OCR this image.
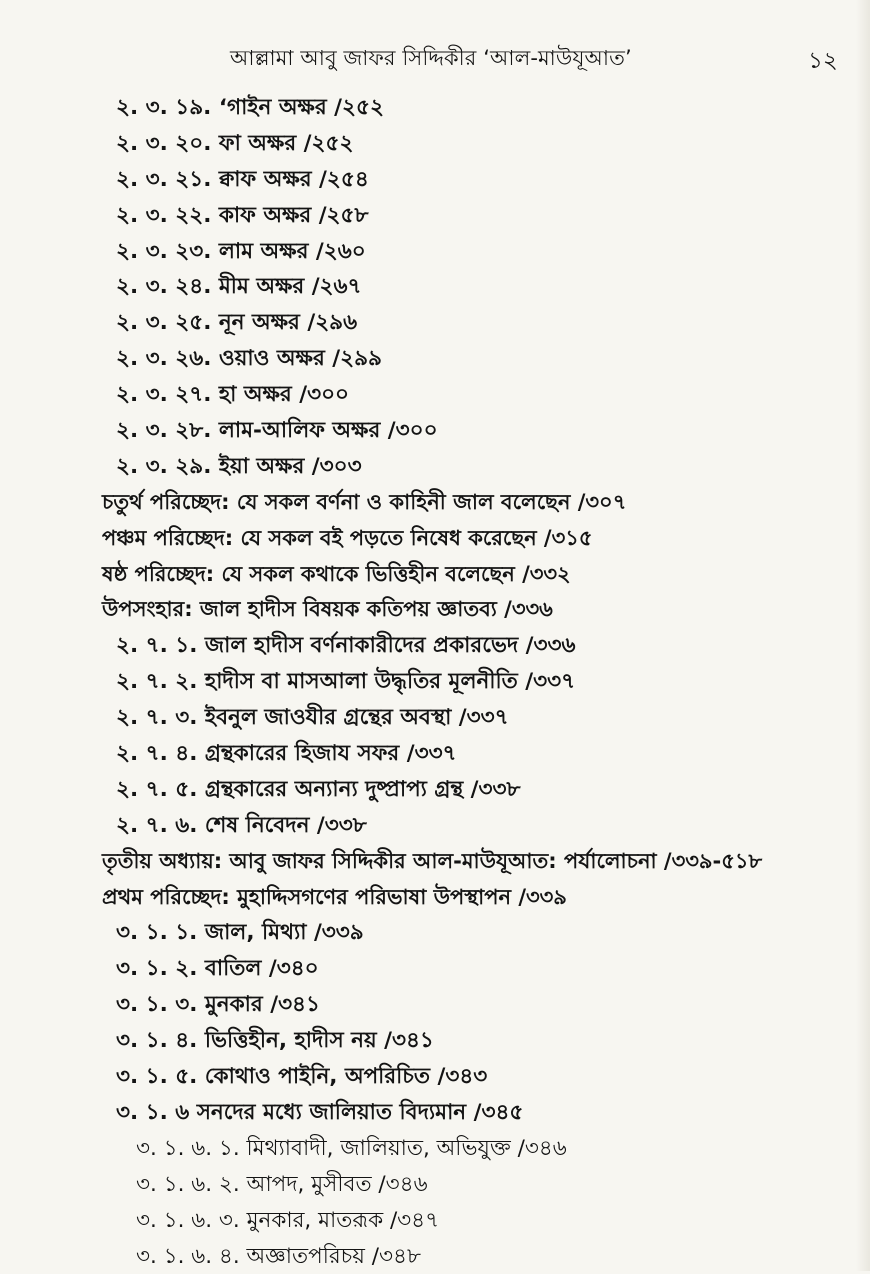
আল্লামা আবু জাফর সিদ্দিকীর ‘আল-মাউযূআত’	১২
২. ৩. ১৯. ‘গাইন অক্ষর /২৫২
২. ৩. ২০. ফা অক্ষর /২৫২
২. ৩. ২১. ক্বাফ অক্ষর /২৫৪
২. ৩. ২২. কাফ অক্ষর /২৫৮
২. ৩. ২৩. লাম অক্ষর /২৬০
২. ৩. ২৪. মীম অক্ষর /২৬৭
২. ৩. ২৫. নূন অক্ষর /২৯৬
২. ৩. ২৬. ওয়াও অক্ষর /২৯৯
২. ৩. ২৭. হা অক্ষর /৩০০
২. ৩. ২৮. লাম-আলিফ অক্ষর /৩০০
২. ৩. ২৯. ইয়া অক্ষর /৩০৩
চতুর্থ পরিচ্ছেদ: যে সকল বর্ণনা ও কাহিনী জাল বলেছেন /৩০৭
পঞ্চম পরিচ্ছেদ: যে সকল বই পড়তে নিষেধ করেছেন /৩১৫
ষষ্ঠ পরিচ্ছেদ: যে সকল কথাকে ভিত্তিহীন বলেছেন /৩৩২
উপসংহার: জাল হাদীস বিষয়ক কতিপয় জ্ঞাতব্য /৩৩৬
২. ৭. ১. জাল হাদীস বর্ণনাকারীদের প্রকারভেদ /৩৩৬
২. ৭. ২. হাদীস বা মাসআলা উদ্ধৃতির মূলনীতি /৩৩৭
২. ৭. ৩. ইবনুল জাওযীর গ্রন্থের অবস্থা /৩৩৭
২. ৭. ৪. গ্রন্থকারের হিজায সফর /৩৩৭
২. ৭. ৫. গ্রন্থকারের অন্যান্য দুষ্প্রাপ্য গ্রন্থ /৩৩৮
২. ৭. ৬. শেষ নিবেদন /৩৩৮
তৃতীয় অধ্যায়: আবু জাফর সিদ্দিকীর আল-মাউযূআত: পর্যালোচনা /৩৩৯-৫১৮
প্রথম পরিচ্ছেদ: মুহাদ্দিসগণের পরিভাষা উপস্থাপন /৩৩৯
৩. ১. ১. জাল, মিথ্যা /৩৩৯
৩. ১. ২. বাতিল /৩৪০
৩. ১. ৩. মুনকার /৩৪১
৩. ১. ৪. ভিত্তিহীন, হাদীস নয় /৩৪১
৩. ১. ৫. কোথাও পাইনি, অপরিচিত /৩৪৩
৩. ১. ৬ সনদের মধ্যে জালিয়াত বিদ্যমান /৩৪৫
৩. ১. ৬. ১. মিথ্যাবাদী, জালিয়াত, অভিযুক্ত /৩৪৬
৩. ১. ৬. ২. আপদ, মুসীবত /৩৪৬
৩. ১. ৬. ৩. মুনকার, মাতরূক /৩৪৭
৩. ১. ৬. ৪. অজ্ঞাতপরিচয় /৩৪৮
